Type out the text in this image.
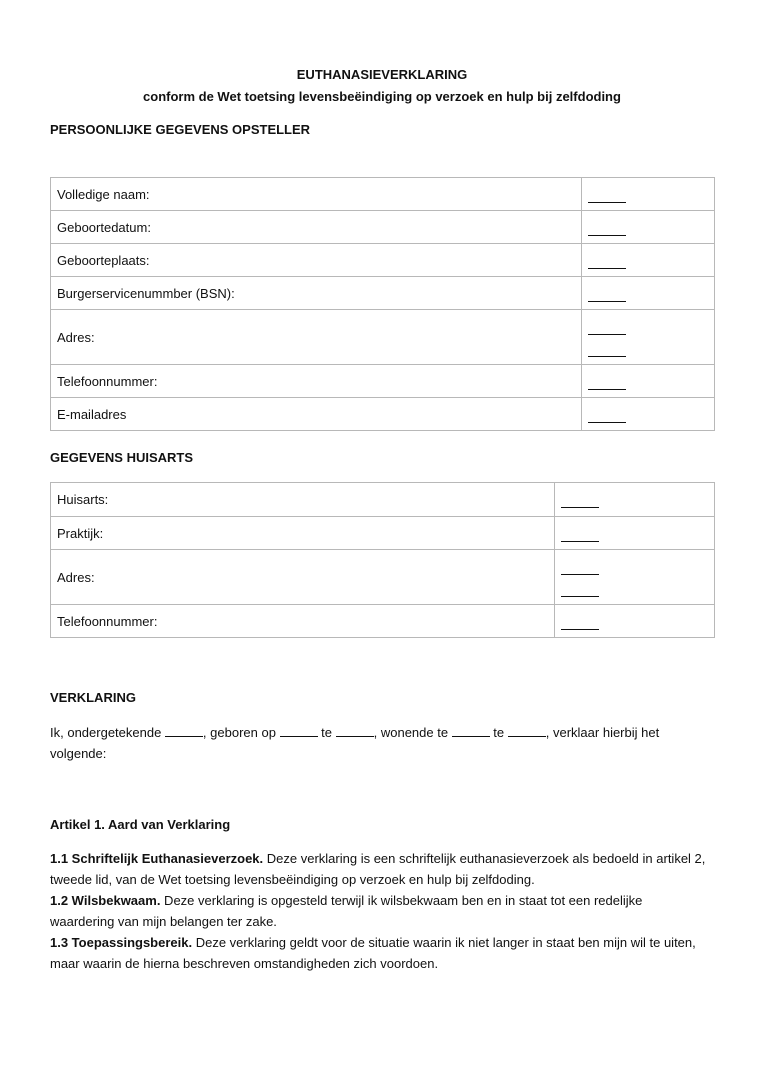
EUTHANASIEVERKLARING
conform de Wet toetsing levensbeëindiging op verzoek en hulp bij zelfdoding
PERSOONLIJKE GEGEVENS OPSTELLER
Volledige naam:	

Geboortedatum:	

Geboorteplaats:	

Burgerservicenummber (BSN):	

Adres:	

Telefoonnummer:	

E-mailadres	
GEGEVENS HUISARTS
Huisarts:	

Praktijk:	

Adres:	

Telefoonnummer:	
VERKLARING
Ik, ondergetekende	, geboren op	te	, wonende te	te	, verklaar hierbij het volgende:
Artikel 1. Aard van Verklaring
1.1 Schriftelijk Euthanasieverzoek. Deze verklaring is een schriftelijk euthanasieverzoek als bedoeld in artikel 2, tweede lid, van de Wet toetsing levensbeëindiging op verzoek en hulp bij zelfdoding.
1.2 Wilsbekwaam. Deze verklaring is opgesteld terwijl ik wilsbekwaam ben en in staat tot een redelijke waardering van mijn belangen ter zake.
1.3 Toepassingsbereik. Deze verklaring geldt voor de situatie waarin ik niet langer in staat ben mijn wil te uiten, maar waarin de hierna beschreven omstandigheden zich voordoen.
